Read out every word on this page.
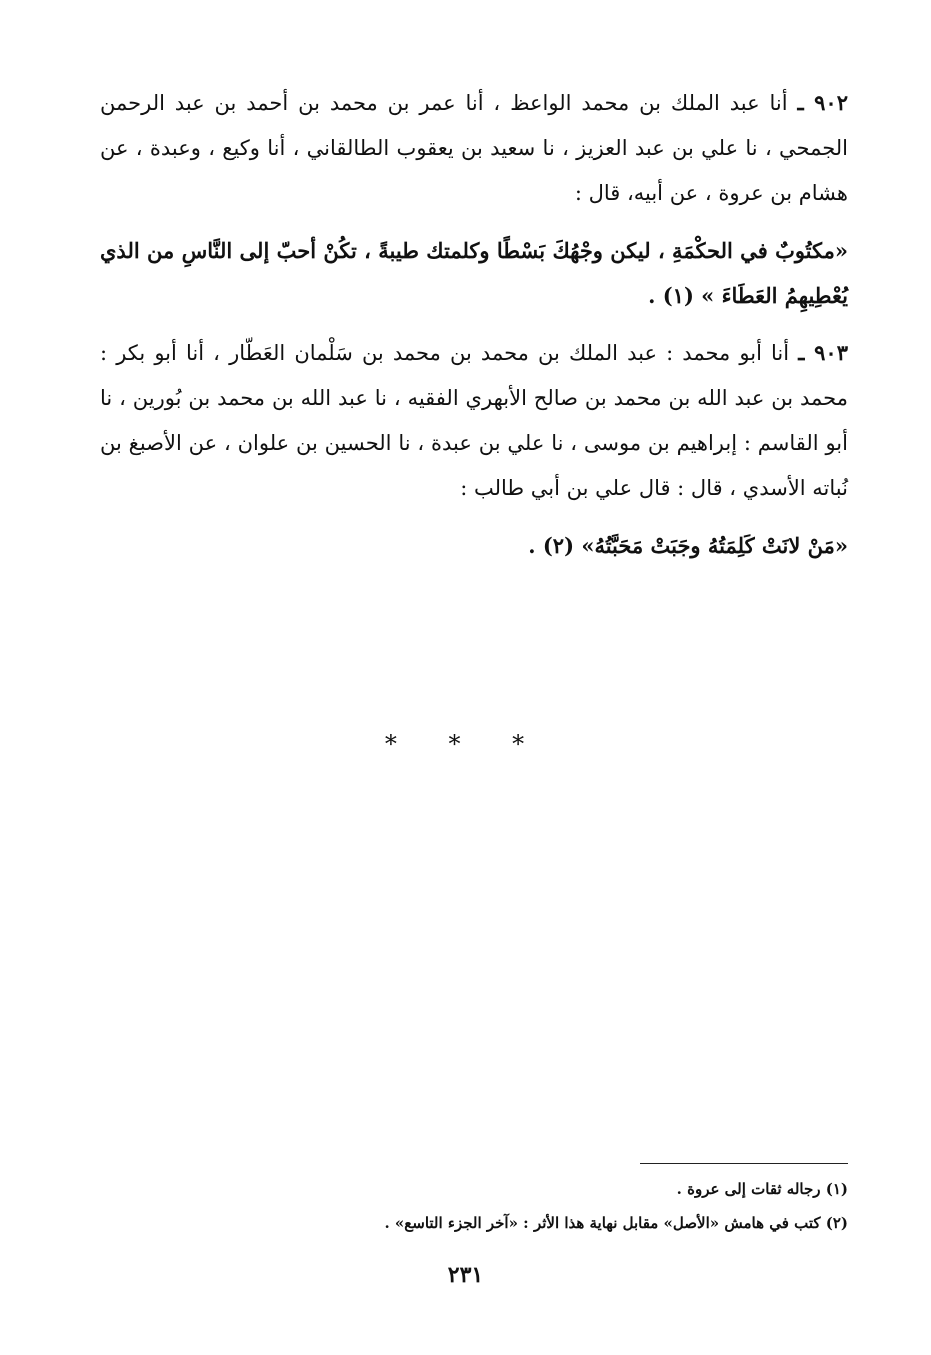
٩٠٢ ـ أنا عبد الملك بن محمد الواعظ ، أنا عمر بن محمد بن أحمد بن عبد الرحمن الجمحي ، نا علي بن عبد العزيز ، نا سعيد بن يعقوب الطالقاني ، أنا وكيع ، وعبدة ، عن هشام بن عروة ، عن أبيه، قال :

«مكتُوبٌ في الحكْمَةِ ، ليكن وجْهُكَ بَسْطًا وكلمتك طيبةً ، تكُنْ أحبّ إلى النَّاسِ من الذي يُعْطِيهِمُ العَطَاءَ » (١) .

٩٠٣ ـ أنا أبو محمد : عبد الملك بن محمد بن محمد بن سَلْمان العَطّار ، أنا أبو بكر : محمد بن عبد الله بن محمد بن صالح الأبهري الفقيه ، نا عبد الله بن محمد بن بُورين ، نا أبو القاسم : إبراهيم بن موسى ، نا علي بن عبدة ، نا الحسين بن علوان ، عن الأصبغ بن نُباته الأسدي ، قال : قال علي بن أبي طالب :

«مَنْ لانَتْ كَلِمَتُهُ وجَبَتْ مَحَبَّتُهُ» (٢) .

* * *

(١) رجاله ثقات إلى عروة .

(٢) كتب في هامش «الأصل» مقابل نهاية هذا الأثر : «آخر الجزء التاسع» .

٢٣١
